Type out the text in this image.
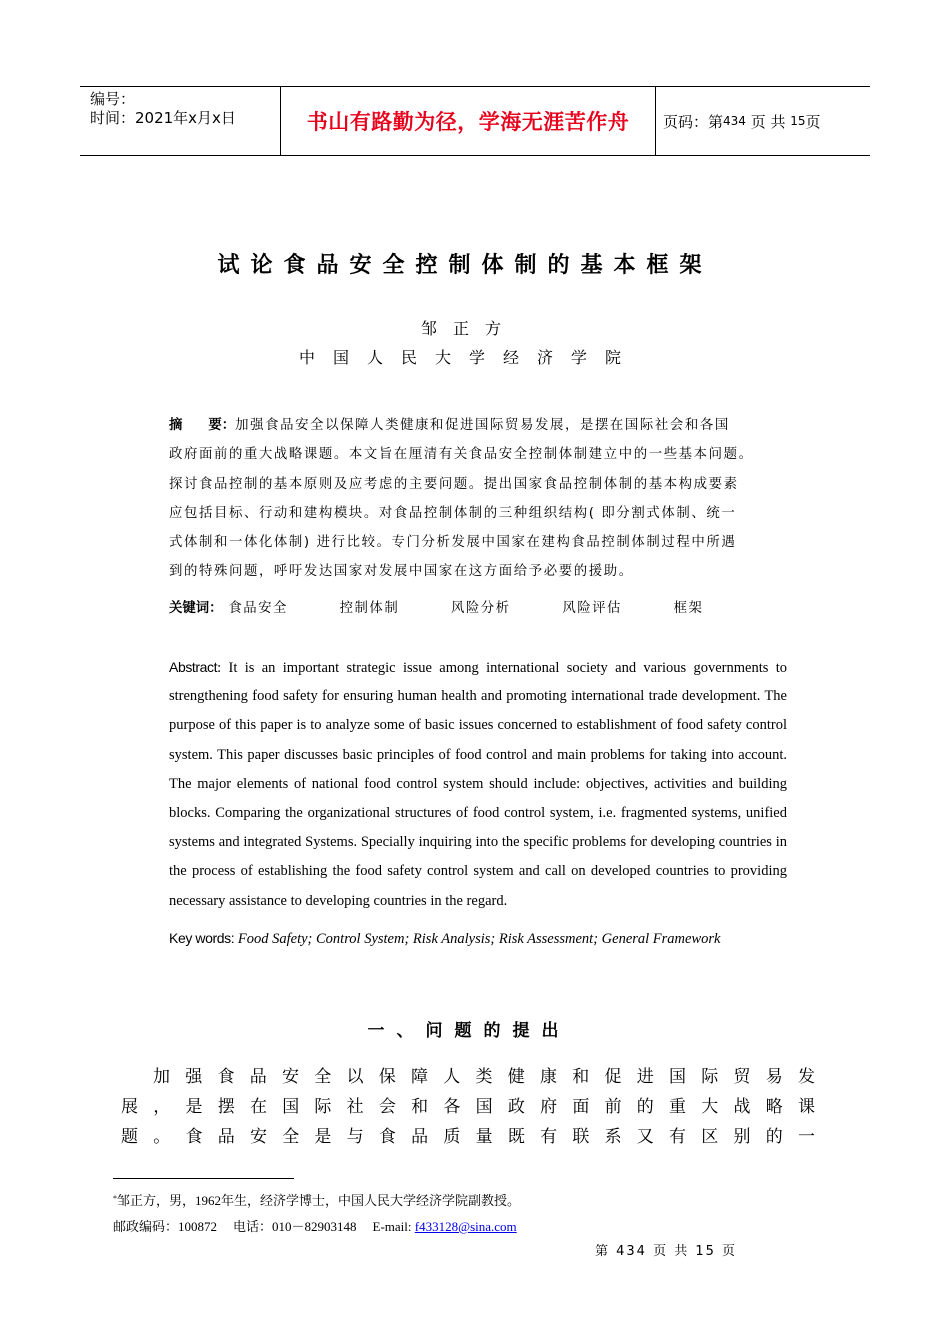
编号：
时间：2021年x月x日	书山有路勤为径，学海无涯苦作舟 页码：第 434
页 共
15 页
试论食品安全控制体制的基本框架
邹正方
中国人民大学经济学院
摘 要：加强食品安全以保障人类健康和促进国际贸易发展，是摆在国际社会和各国
政府面前的重大战略课题。本文旨在厘清有关食品安全控制体制建立中的一些基本问题。
探讨食品控制的基本原则及应考虑的主要问题。提出国家食品控制体制的基本构成要素
应包括目标、行动和建构模块。对食品控制体制的三种组织结构( 即分割式体制、统一
式体制和一体化体制) 进行比较。专门分析发展中国家在建构食品控制体制过程中所遇
到的特殊问题，呼吁发达国家对发展中国家在这方面给予必要的援助。
关键词： 食品安全	控制体制	风险分析	风险评估	框架
Abstract: It is an important strategic issue among international society and various governments to
strengthening food safety for ensuring human health and promoting international trade development. The
purpose of this paper is to analyze some of basic issues concerned to establishment of food safety control
system. This paper discusses basic principles of food control and main problems for taking into account.
The major elements of national food control system should include: objectives, activities and building
blocks. Comparing the organizational structures of food control system, i.e. fragmented systems, unified
systems and integrated Systems. Specially inquiring into the specific problems for developing countries in
the process of establishing the food safety control system and call on developed countries to providing
necessary assistance to developing countries in the regard.
Key words: Food Safety; Control System; Risk Analysis; Risk Assessment; General Framework
一、问题的提出
加强食品安全以保障人类健康和促进国际贸易发
展，是摆在国际社会和各国政府面前的重大战略课
题。食品安全是与食品质量既有联系又有区别的一
*邹正方，男，1962年生，经济学博士，中国人民大学经济学院副教授。
邮政编码：100872 电话：010－82903148 E-mail: f433128@sina.com
第 434 页 共 15 页
